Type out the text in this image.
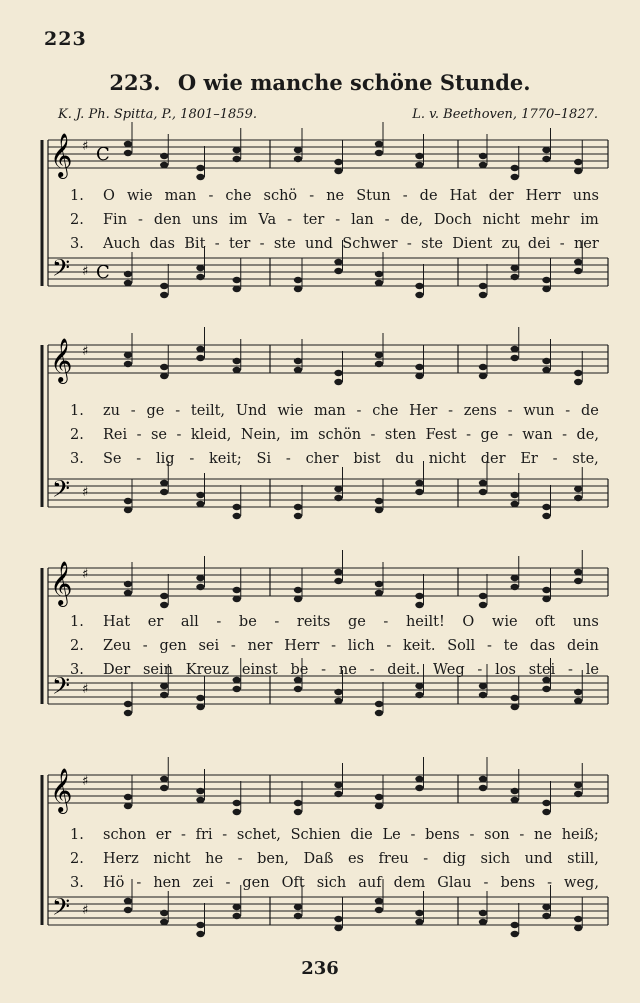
223
223. O wie manche schöne Stunde.
K. J. Ph. Spitta, P., 1801–1859.	L. v. Beethoven, 1770–1827.
𝄞
𝄢
♯
♯
C
C
1.	O wie man - che schö - ne Stun - de Hat der Herr uns
2.	Fin - den uns im Va - ter - lan - de, Doch nicht mehr im
3.	Auch das Bit - ter - ste und Schwer - ste Dient zu dei - ner
𝄞
𝄢
♯
♯
1.	zu - ge - teilt, Und wie man - che Her - zens - wun - de
2.	Rei - se - kleid, Nein, im schön - sten Fest - ge - wan - de,
3.	Se - lig - keit; Si - cher bist du nicht der Er - ste,
𝄞
𝄢
♯
♯
1.	Hat er all - be - reits ge - heilt! O wie oft uns
2.	Zeu - gen sei - ner Herr - lich - keit. Soll - te das dein
3.	Der sein Kreuz einst be - ne - deit. Weg - los stei - le
𝄞
𝄢
♯
♯
1.	schon er - fri - schet, Schien die Le - bens - son - ne heiß;
2.	Herz nicht he - ben, Daß es freu - dig sich und still,
3.	Hö - hen zei - gen Oft sich auf dem Glau - bens - weg,
236
